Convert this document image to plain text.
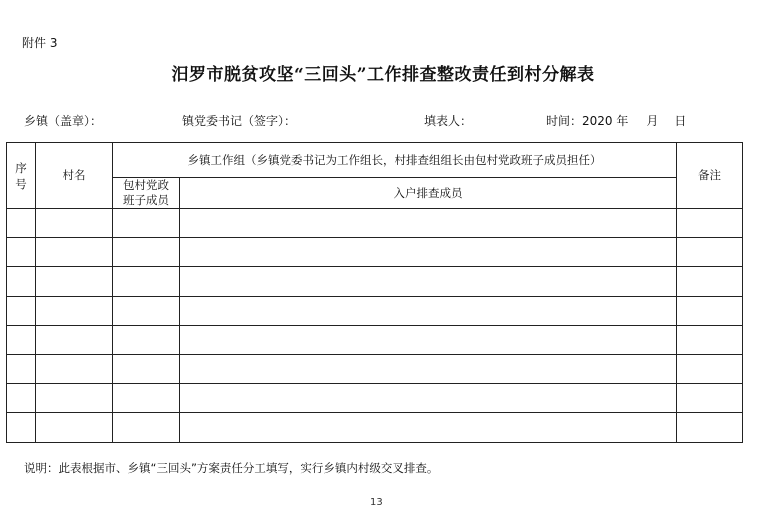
附件 3
汨罗市脱贫攻坚“三回头”工作排查整改责任到村分解表
乡镇（盖章）：	镇党委书记（签字）：	填表人：	时间：2020 年 月 日
序号	村名	乡镇工作组（乡镇党委书记为工作组长，村排查组组长由包村党政班子成员担任）		备注
		包村党政班子成员	入户排查成员	

说明：此表根据市、乡镇“三回头”方案责任分工填写，实行乡镇内村级交叉排查。
13
